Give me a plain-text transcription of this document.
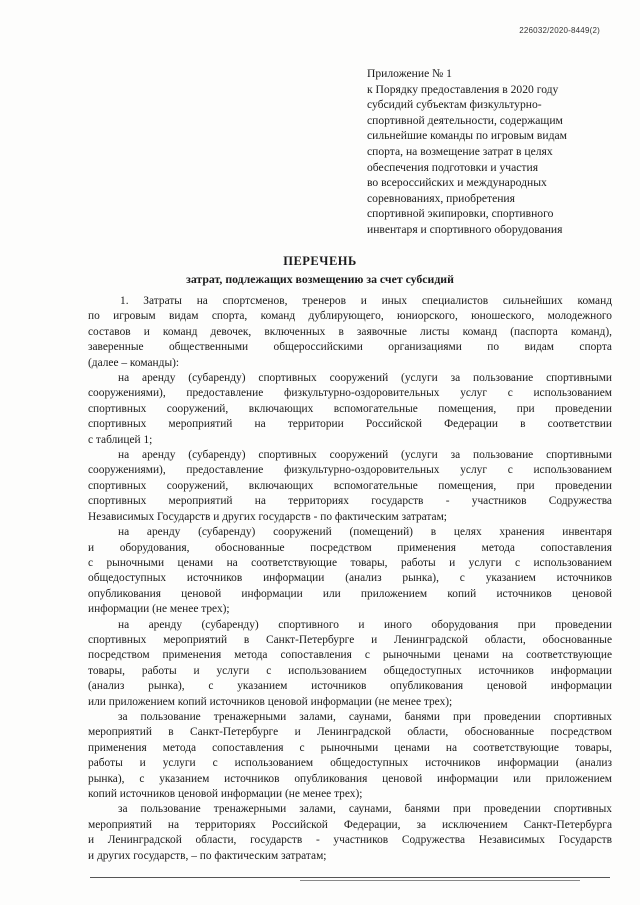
226032/2020-8449(2)
Приложение № 1
к Порядку предоставления в 2020 году
субсидий субъектам физкультурно-
спортивной деятельности, содержащим
сильнейшие команды по игровым видам
спорта, на возмещение затрат в целях
обеспечения подготовки и участия
во всероссийских и международных
соревнованиях, приобретения
спортивной экипировки, спортивного
инвентаря и спортивного оборудования
ПЕРЕЧЕНЬ
затрат, подлежащих возмещению за счет субсидий
1. Затраты на спортсменов, тренеров и иных специалистов сильнейших команд
по игровым видам спорта, команд дублирующего, юниорского, юношеского, молодежного
составов и команд девочек, включенных в заявочные листы команд (паспорта команд),
заверенные общественными общероссийскими организациями по видам спорта
(далее – команды):
на аренду (субаренду) спортивных сооружений (услуги за пользование спортивными
сооружениями), предоставление физкультурно-оздоровительных услуг с использованием
спортивных сооружений, включающих вспомогательные помещения, при проведении
спортивных мероприятий на территории Российской Федерации в соответствии
с таблицей 1;
на аренду (субаренду) спортивных сооружений (услуги за пользование спортивными
сооружениями), предоставление физкультурно-оздоровительных услуг с использованием
спортивных сооружений, включающих вспомогательные помещения, при проведении
спортивных мероприятий на территориях государств - участников Содружества
Независимых Государств и других государств - по фактическим затратам;
на аренду (субаренду) сооружений (помещений) в целях хранения инвентаря
и оборудования, обоснованные посредством применения метода сопоставления
с рыночными ценами на соответствующие товары, работы и услуги с использованием
общедоступных источников информации (анализ рынка), с указанием источников
опубликования ценовой информации или приложением копий источников ценовой
информации (не менее трех);
на аренду (субаренду) спортивного и иного оборудования при проведении
спортивных мероприятий в Санкт-Петербурге и Ленинградской области, обоснованные
посредством применения метода сопоставления с рыночными ценами на соответствующие
товары, работы и услуги с использованием общедоступных источников информации
(анализ рынка), с указанием источников опубликования ценовой информации
или приложением копий источников ценовой информации (не менее трех);
за пользование тренажерными залами, саунами, банями при проведении спортивных
мероприятий в Санкт-Петербурге и Ленинградской области, обоснованные посредством
применения метода сопоставления с рыночными ценами на соответствующие товары,
работы и услуги с использованием общедоступных источников информации (анализ
рынка), с указанием источников опубликования ценовой информации или приложением
копий источников ценовой информации (не менее трех);
за пользование тренажерными залами, саунами, банями при проведении спортивных
мероприятий на территориях Российской Федерации, за исключением Санкт-Петербурга
и Ленинградской области, государств - участников Содружества Независимых Государств
и других государств, – по фактическим затратам;
